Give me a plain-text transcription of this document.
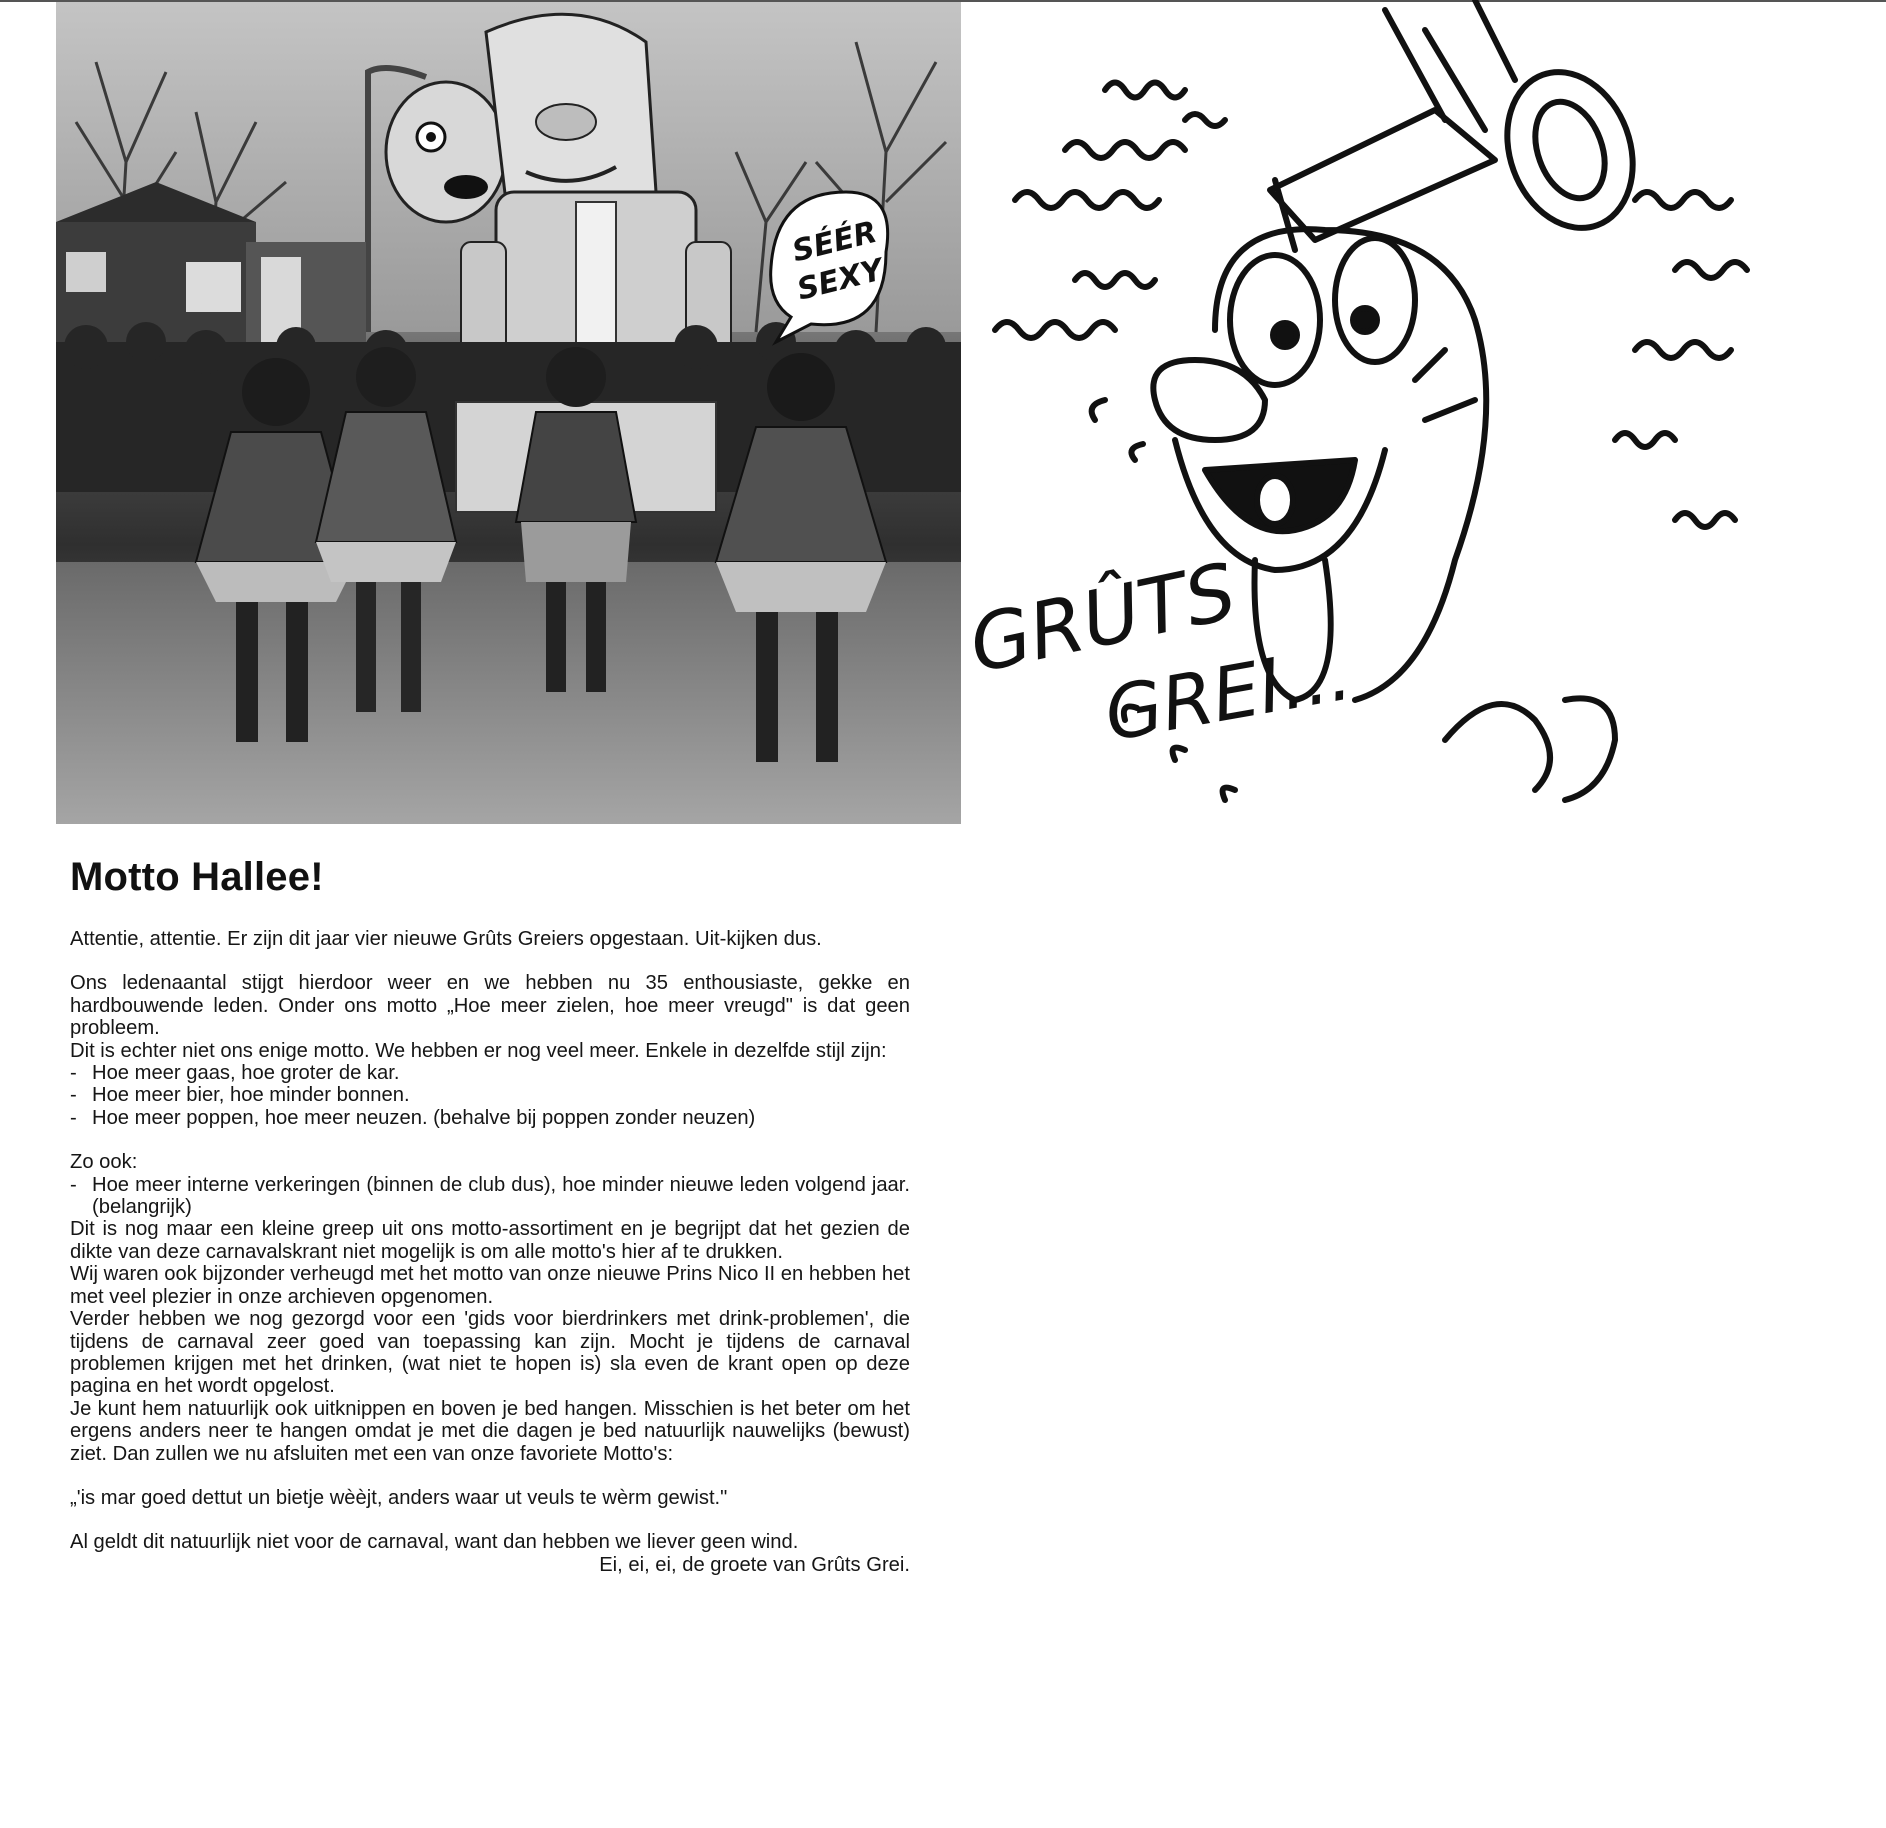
SÉÉR
SEXY
GRÛTS
GREI...
Motto Hallee!

Attentie, attentie. Er zijn dit jaar vier nieuwe Grûts Greiers opgestaan. Uit-kijken dus.

Ons ledenaantal stijgt hierdoor weer en we hebben nu 35 enthousiaste, gekke en hardbouwende leden. Onder ons motto „Hoe meer zielen, hoe meer vreugd" is dat geen probleem.

Dit is echter niet ons enige motto. We hebben er nog veel meer. Enkele in dezelfde stijl zijn:

- Hoe meer gaas, hoe groter de kar.
- Hoe meer bier, hoe minder bonnen.
- Hoe meer poppen, hoe meer neuzen. (behalve bij poppen zonder neuzen)

Zo ook:

- Hoe meer interne verkeringen (binnen de club dus), hoe minder nieuwe leden volgend jaar. (belangrijk)

Dit is nog maar een kleine greep uit ons motto-assortiment en je begrijpt dat het gezien de dikte van deze carnavalskrant niet mogelijk is om alle motto's hier af te drukken.

Wij waren ook bijzonder verheugd met het motto van onze nieuwe Prins Nico II en hebben het met veel plezier in onze archieven opgenomen.

Verder hebben we nog gezorgd voor een 'gids voor bierdrinkers met drink-problemen', die tijdens de carnaval zeer goed van toepassing kan zijn. Mocht je tijdens de carnaval problemen krijgen met het drinken, (wat niet te hopen is) sla even de krant open op deze pagina en het wordt opgelost.

Je kunt hem natuurlijk ook uitknippen en boven je bed hangen. Misschien is het beter om het ergens anders neer te hangen omdat je met die dagen je bed natuurlijk nauwelijks (bewust) ziet. Dan zullen we nu afsluiten met een van onze favoriete Motto's:

„'is mar goed dettut un bietje wèèjt, anders waar ut veuls te wèrm gewist."

Al geldt dit natuurlijk niet voor de carnaval, want dan hebben we liever geen wind.

Ei, ei, ei, de groete van Grûts Grei.
